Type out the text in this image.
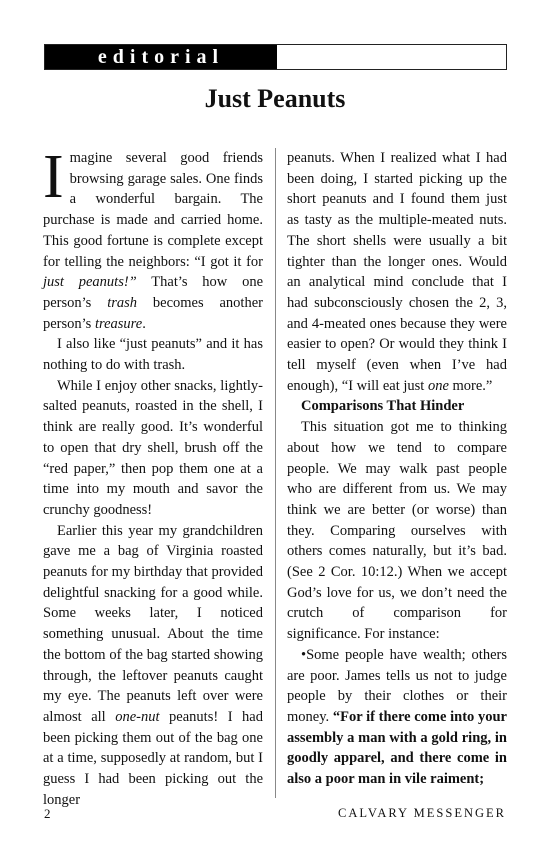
editorial
Just Peanuts

Imagine several good friends browsing garage sales. One finds a wonderful bargain. The purchase is made and carried home. This good fortune is complete except for telling the neighbors: “I got it for just peanuts!” That’s how one person’s trash becomes another person’s treasure.

I also like “just peanuts” and it has nothing to do with trash.

While I enjoy other snacks, lightly-salted peanuts, roasted in the shell, I think are really good. It’s wonderful to open that dry shell, brush off the “red paper,” then pop them one at a time into my mouth and savor the crunchy goodness!

Earlier this year my grandchildren gave me a bag of Virginia roasted peanuts for my birthday that provided delightful snacking for a good while. Some weeks later, I noticed something unusual. About the time the bottom of the bag started showing through, the leftover peanuts caught my eye. The peanuts left over were almost all one-nut peanuts! I had been picking them out of the bag one at a time, supposedly at random, but I guess I had been picking out the longer

peanuts. When I realized what I had been doing, I started picking up the short peanuts and I found them just as tasty as the multiple-meated nuts. The short shells were usually a bit tighter than the longer ones. Would an analytical mind conclude that I had subconsciously chosen the 2, 3, and 4-meated ones because they were easier to open? Or would they think I tell myself (even when I’ve had enough), “I will eat just one more.”

Comparisons That Hinder

This situation got me to thinking about how we tend to compare people. We may walk past people who are different from us. We may think we are better (or worse) than they. Comparing ourselves with others comes naturally, but it’s bad. (See 2 Cor. 10:12.) When we accept God’s love for us, we don’t need the crutch of comparison for significance. For instance:

•Some people have wealth; others are poor. James tells us not to judge people by their clothes or their money. “For if there come into your assembly a man with a gold ring, in goodly apparel, and there come in also a poor man in vile raiment;

2	CALVARY MESSENGER
